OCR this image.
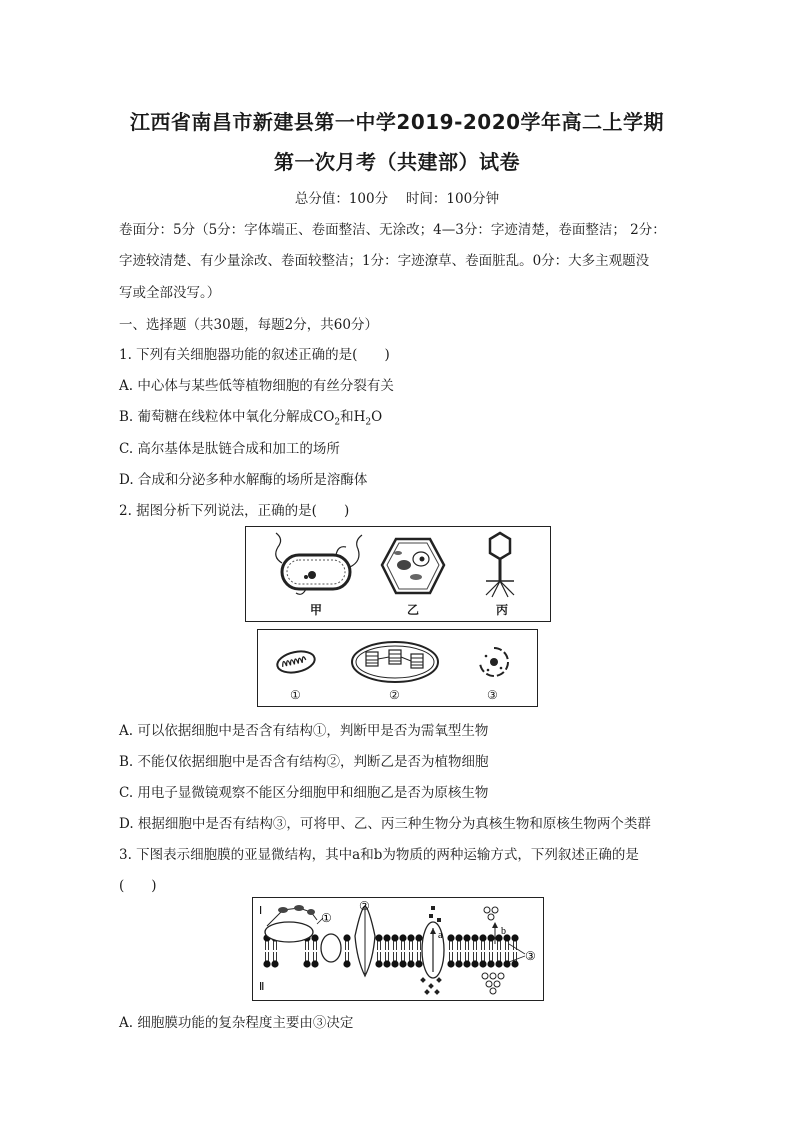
江西省南昌市新建县第一中学2019-2020学年高二上学期
第一次月考（共建部）试卷
总分值：100分　 时间：100分钟
卷面分：5分（5分：字体端正、卷面整洁、无涂改；4—3分：字迹清楚，卷面整洁； 2分：
字迹较清楚、有少量涂改、卷面较整洁；1分：字迹潦草、卷面脏乱。0分：大多主观题没
写或全部没写。）
一、选择题（共30题，每题2分，共60分）
1. 下列有关细胞器功能的叙述正确的是(　　)
A. 中心体与某些低等植物细胞的有丝分裂有关
B. 葡萄糖在线粒体中氧化分解成$CO_2$和$H_2O$
C. 高尔基体是肽链合成和加工的场所
D. 合成和分泌多种水解酶的场所是溶酶体
2. 据图分析下列说法，正确的是(　　)
甲	乙	丙
①	②	③
A. 可以依据细胞中是否含有结构①，判断甲是否为需氧型生物
B. 不能仅依据细胞中是否含有结构②，判断乙是否为植物细胞
C. 用电子显微镜观察不能区分细胞甲和细胞乙是否为原核生物
D. 根据细胞中是否有结构③，可将甲、乙、丙三种生物分为真核生物和原核生物两个类群
3. 下图表示细胞膜的亚显微结构，其中a和b为物质的两种运输方式，下列叙述正确的是
(　　)
Ⅰ
Ⅱ
①
②
③
a	b
A. 细胞膜功能的复杂程度主要由③决定
